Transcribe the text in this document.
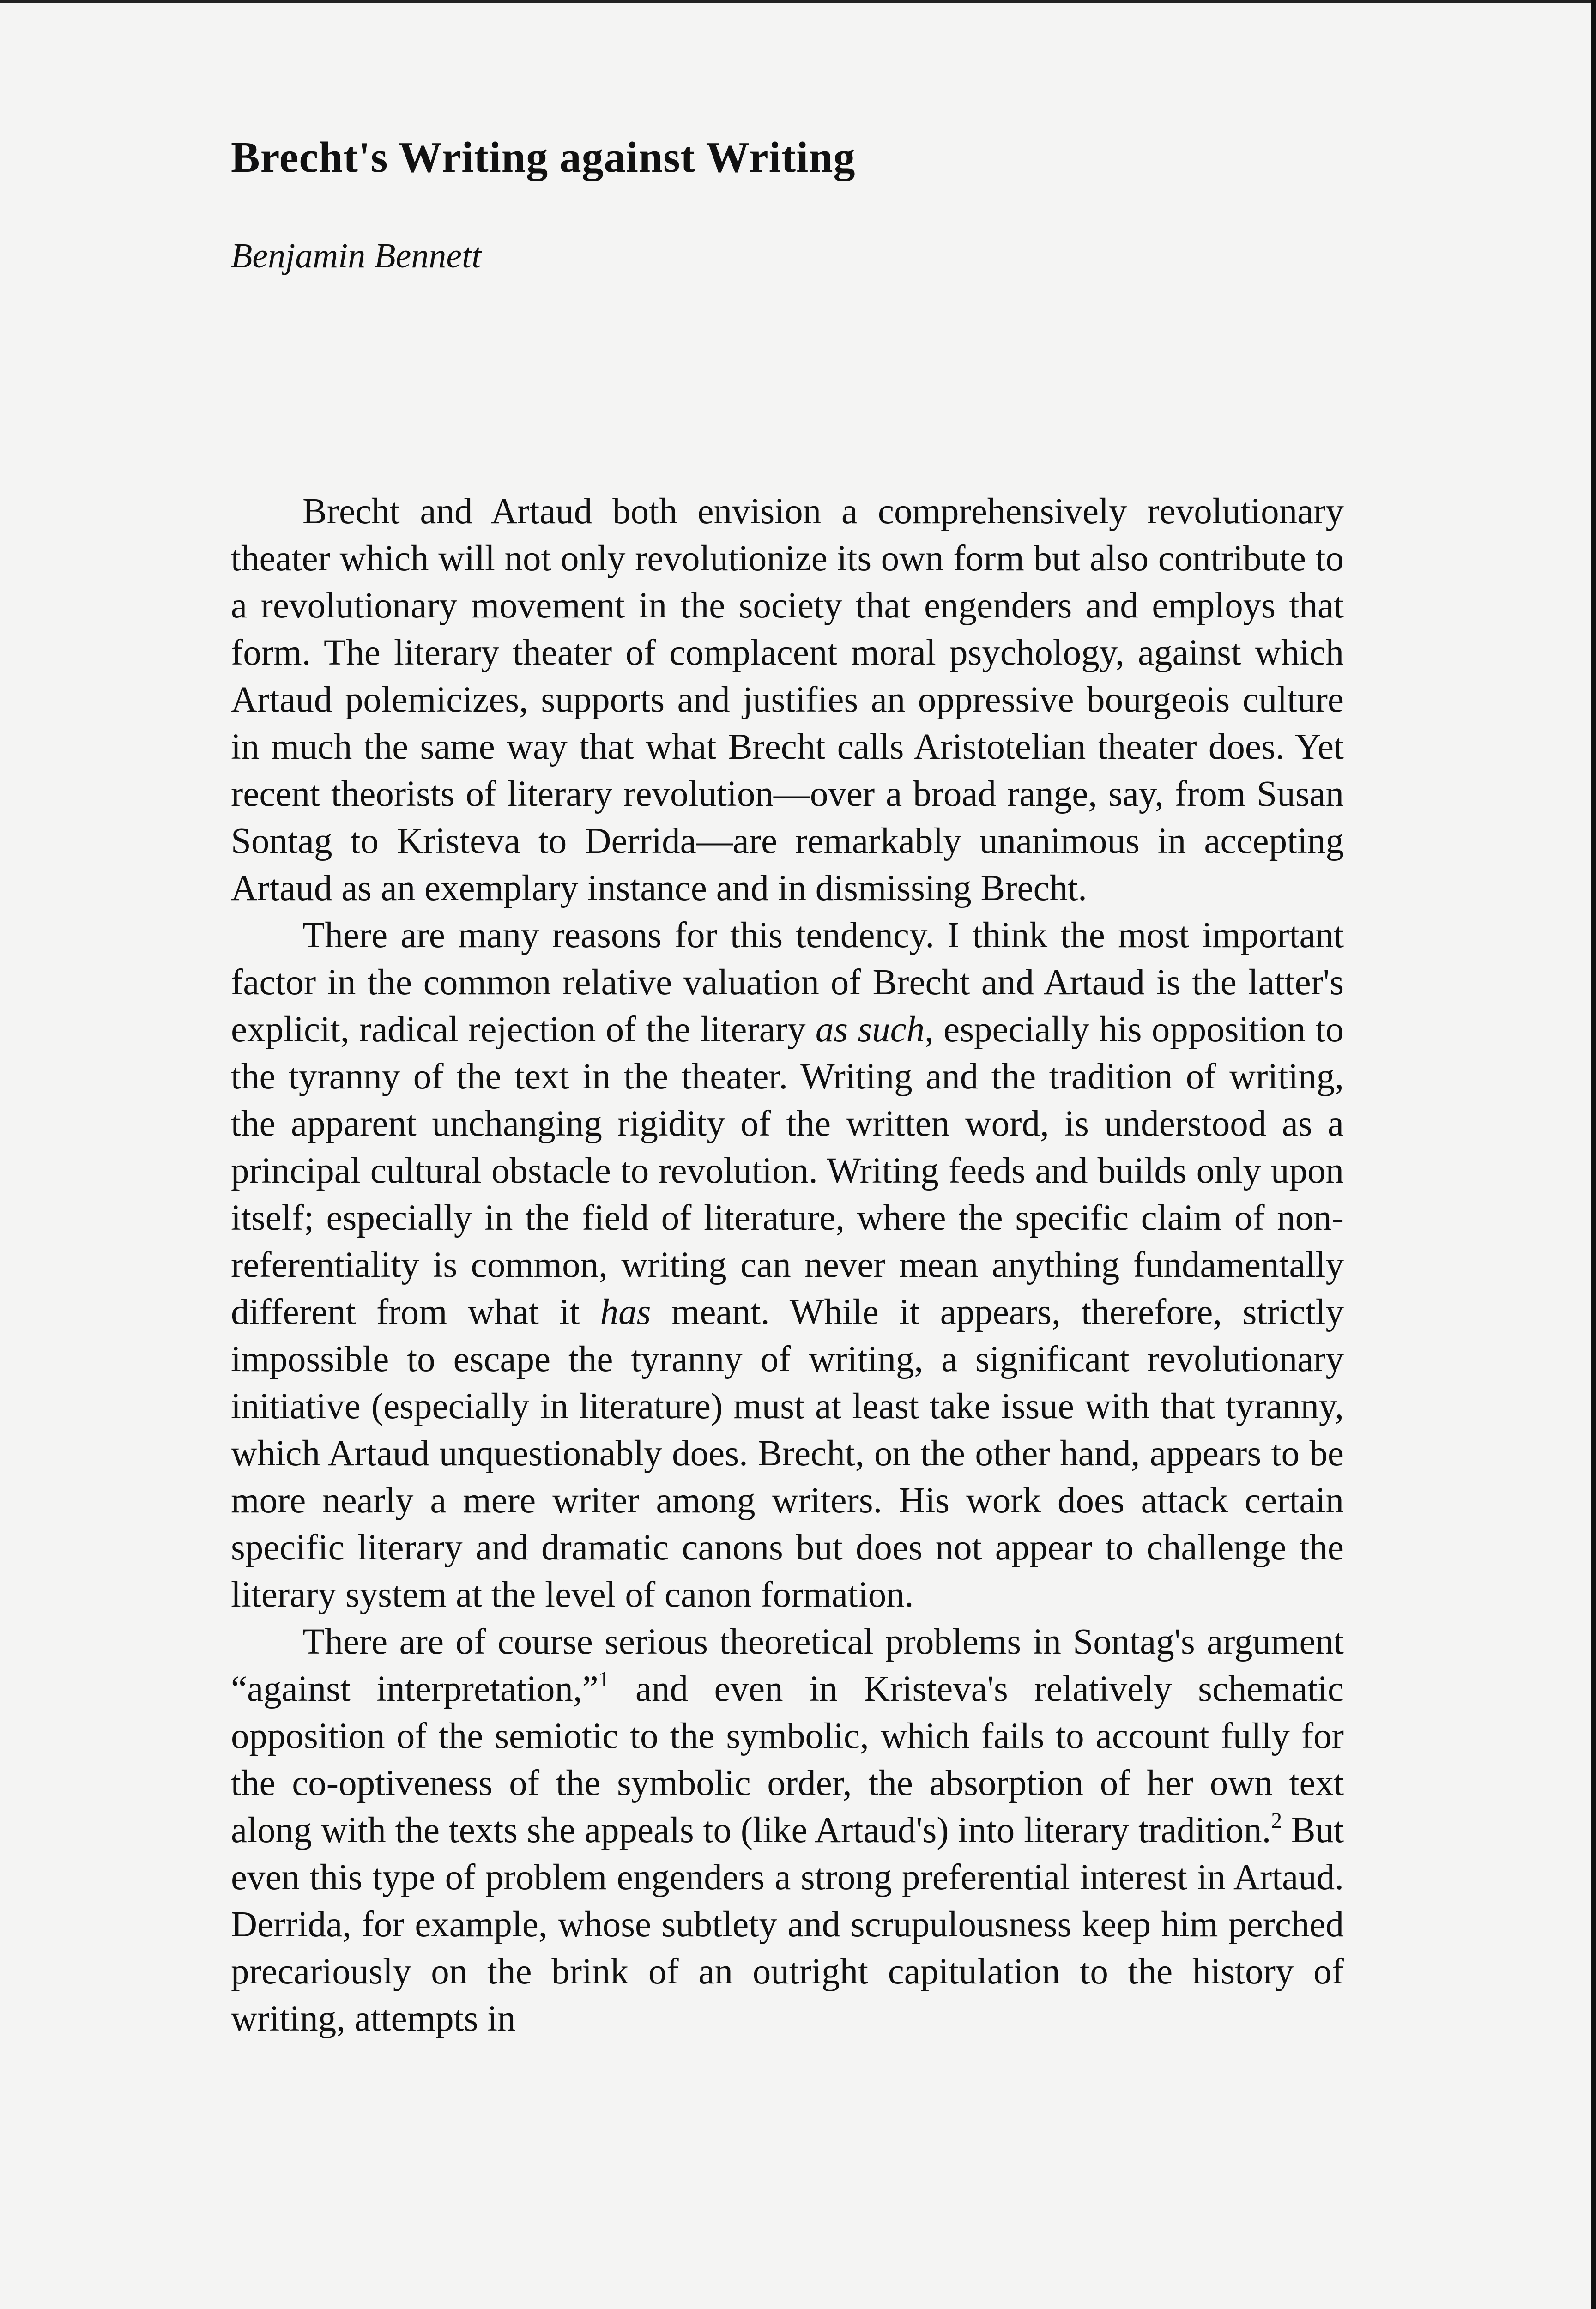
Brecht's Writing against Writing
Benjamin Bennett

Brecht and Artaud both envision a comprehensively revolutionary theater which will not only revolutionize its own form but also contribute to a revolutionary movement in the society that engenders and employs that form. The literary theater of complacent moral psychology, against which Artaud polemicizes, supports and justifies an oppressive bourgeois culture in much the same way that what Brecht calls Aristotelian theater does. Yet recent theorists of literary revolution—over a broad range, say, from Susan Sontag to Kristeva to Derrida—are remarkably unanimous in accepting Artaud as an exemplary instance and in dismissing Brecht.

There are many reasons for this tendency. I think the most important factor in the common relative valuation of Brecht and Artaud is the latter's explicit, radical rejection of the literary as such, especially his opposition to the tyranny of the text in the theater. Writing and the tradition of writing, the apparent unchanging rigidity of the written word, is understood as a principal cultural obstacle to revolution. Writing feeds and builds only upon itself; especially in the field of literature, where the specific claim of non-referentiality is common, writing can never mean anything fundamentally different from what it has meant. While it appears, therefore, strictly impossible to escape the tyranny of writing, a significant revolutionary initiative (especially in literature) must at least take issue with that tyranny, which Artaud unquestionably does. Brecht, on the other hand, appears to be more nearly a mere writer among writers. His work does attack certain specific literary and dramatic canons but does not appear to challenge the literary system at the level of canon formation.

There are of course serious theoretical problems in Sontag's argument “against interpretation,”$^1$ and even in Kristeva's relatively schematic opposition of the semiotic to the symbolic, which fails to account fully for the co-optiveness of the symbolic order, the absorption of her own text along with the texts she appeals to (like Artaud's) into literary tradition.$^2$ But even this type of problem engenders a strong preferential interest in Artaud. Derrida, for example, whose subtlety and scrupulousness keep him perched precariously on the brink of an outright capitulation to the history of writing, attempts in
